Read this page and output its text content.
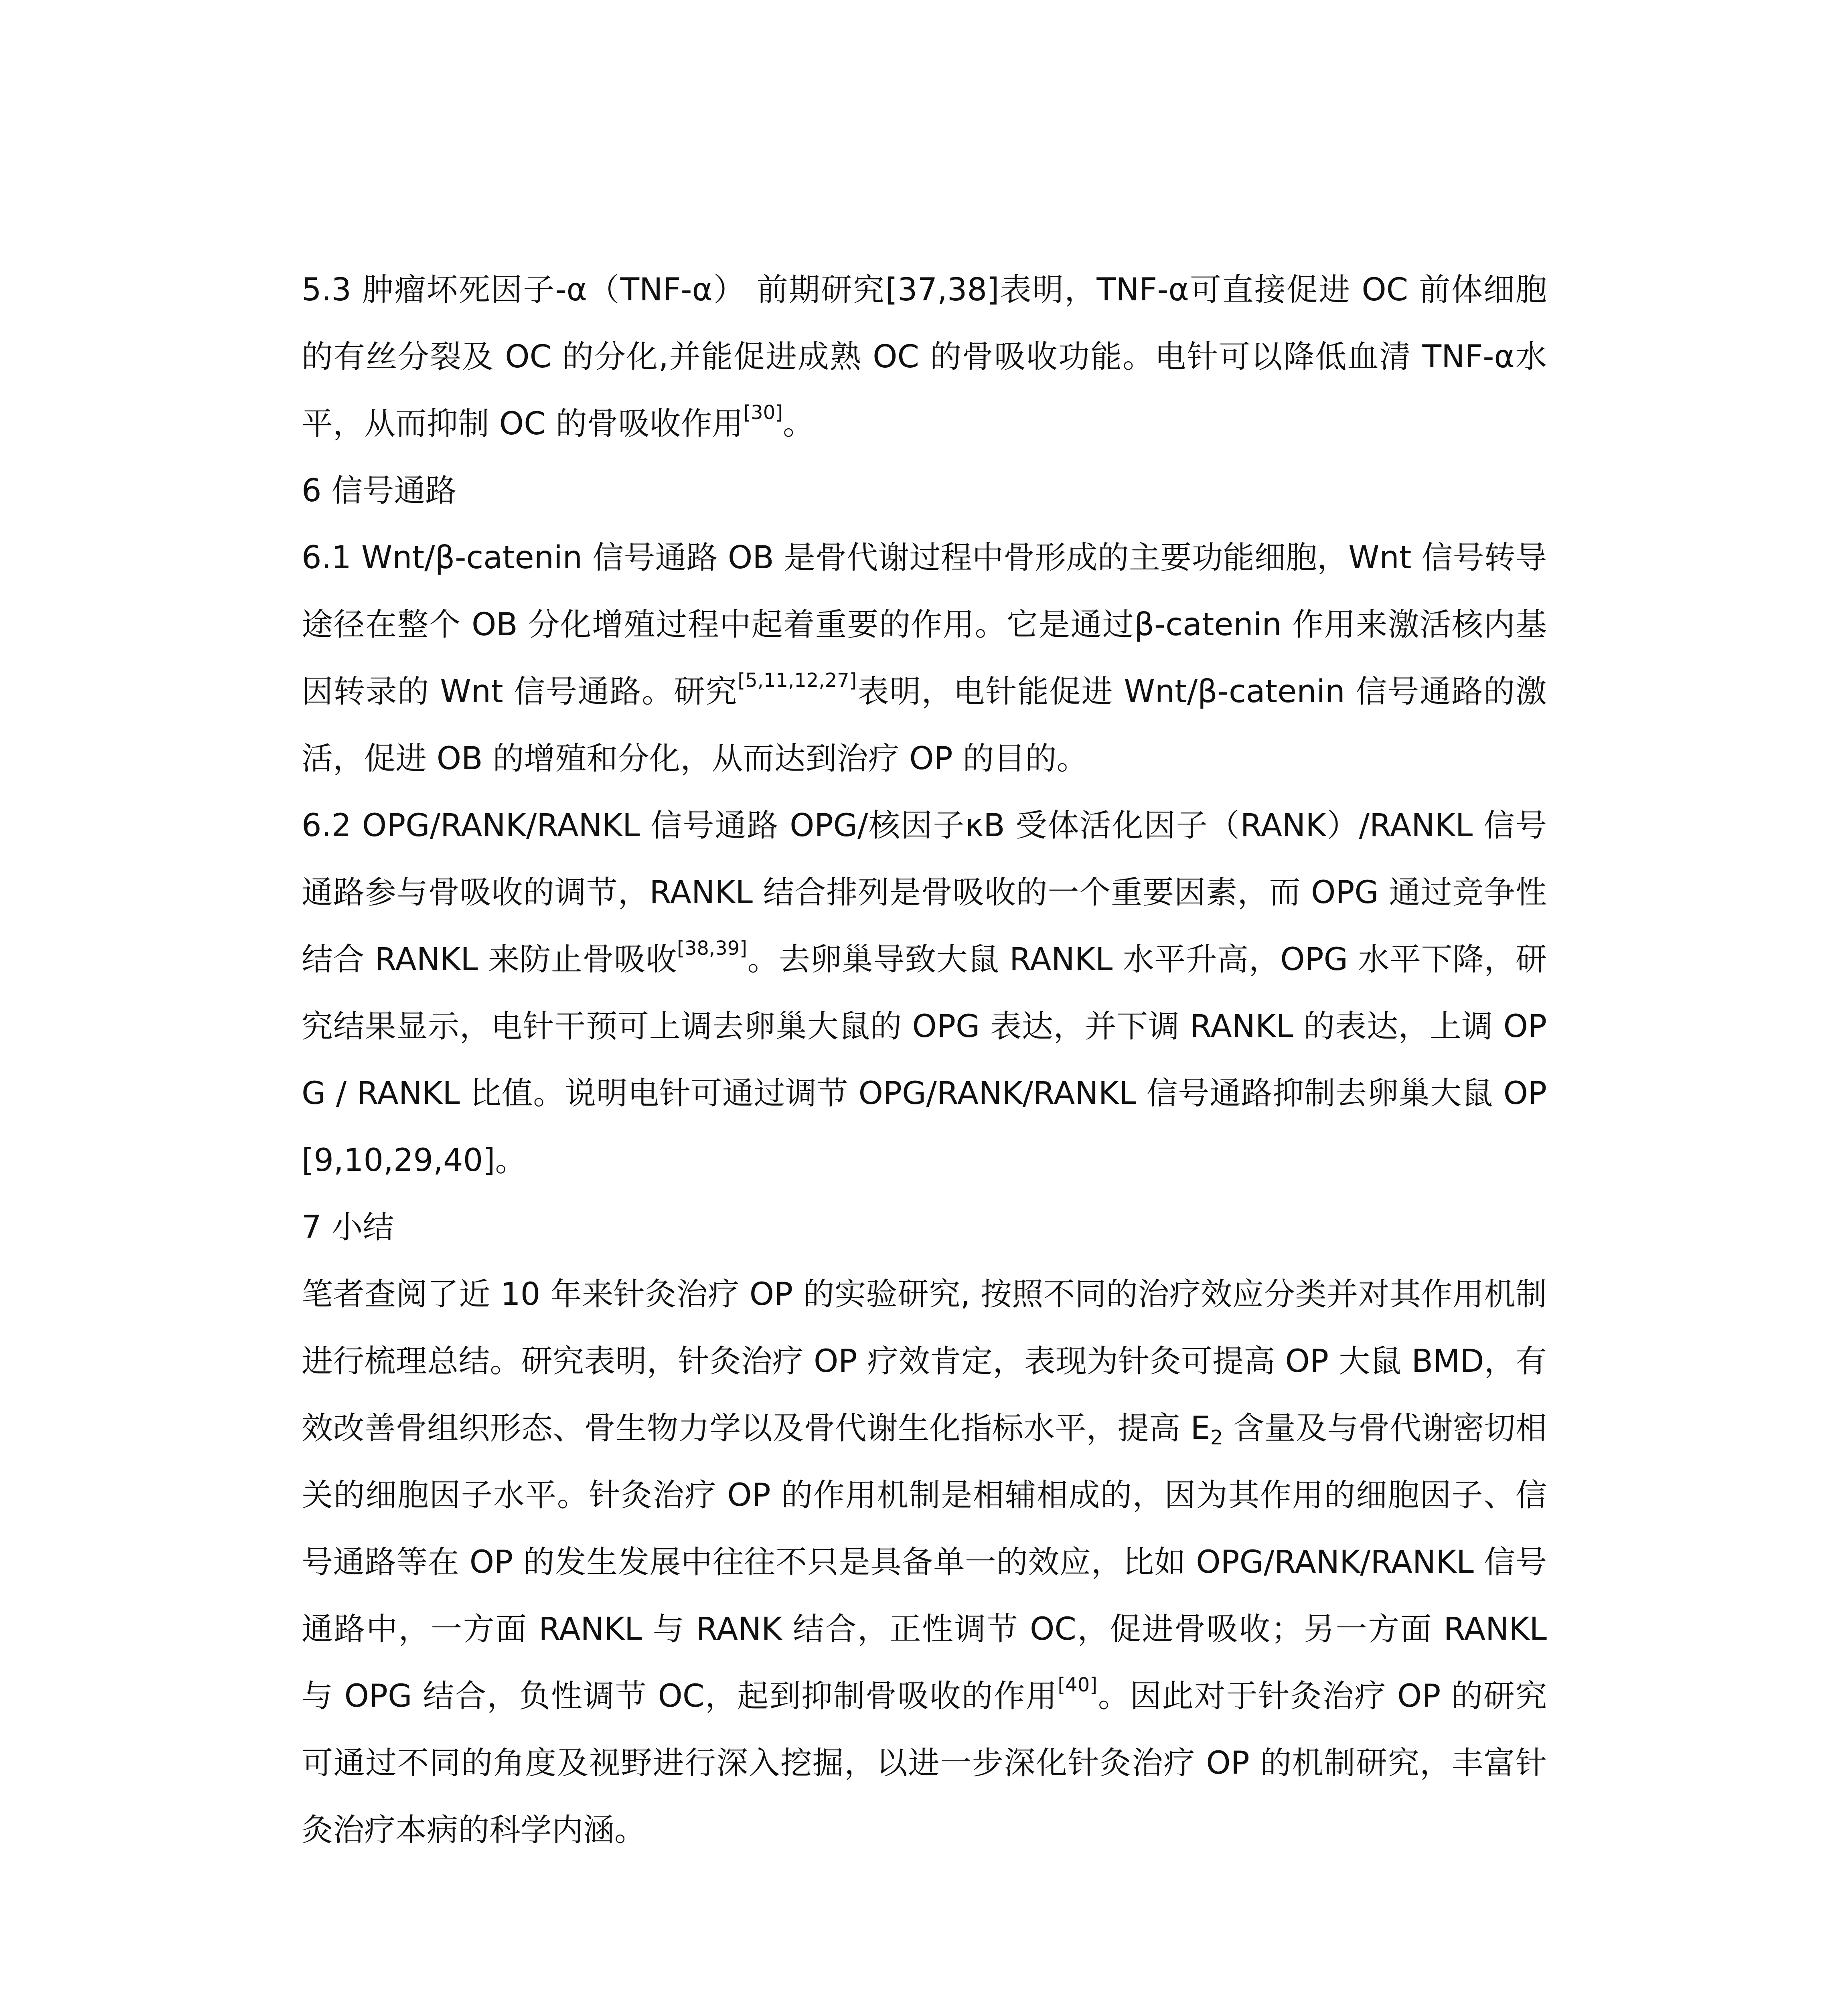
5.3 肿瘤坏死因子-α（TNF-α） 前期研究[37,38]表明，TNF-α可直接促进 OC 前体细胞的有丝分裂及 OC 的分化,并能促进成熟 OC 的骨吸收功能。电针可以降低血清 TNF-α水平，从而抑制 OC 的骨吸收作用[30]。

6 信号通路

6.1 Wnt/β-catenin 信号通路 OB 是骨代谢过程中骨形成的主要功能细胞，Wnt 信号转导途径在整个 OB 分化增殖过程中起着重要的作用。它是通过β-catenin 作用来激活核内基因转录的 Wnt 信号通路。研究[5,11,12,27]表明，电针能促进 Wnt/β-catenin 信号通路的激活，促进 OB 的增殖和分化，从而达到治疗 OP 的目的。

6.2 OPG/RANK/RANKL 信号通路 OPG/核因子κB 受体活化因子（RANK）/RANKL 信号通路参与骨吸收的调节，RANKL 结合排列是骨吸收的一个重要因素，而 OPG 通过竞争性结合 RANKL 来防止骨吸收[38,39]。去卵巢导致大鼠 RANKL 水平升高，OPG 水平下降，研究结果显示，电针干预可上调去卵巢大鼠的 OPG 表达，并下调 RANKL 的表达，上调 OPG / RANKL 比值。说明电针可通过调节 OPG/RANK/RANKL 信号通路抑制去卵巢大鼠 OP[9,10,29,40]。

7 小结

笔者查阅了近 10 年来针灸治疗 OP 的实验研究, 按照不同的治疗效应分类并对其作用机制进行梳理总结。研究表明，针灸治疗 OP 疗效肯定，表现为针灸可提高 OP 大鼠 BMD，有效改善骨组织形态、骨生物力学以及骨代谢生化指标水平，提高 $E_2$ 含量及与骨代谢密切相关的细胞因子水平。针灸治疗 OP 的作用机制是相辅相成的，因为其作用的细胞因子、信号通路等在 OP 的发生发展中往往不只是具备单一的效应，比如 OPG/RANK/RANKL 信号通路中，一方面 RANKL 与 RANK 结合，正性调节 OC，促进骨吸收；另一方面 RANKL 与 OPG 结合，负性调节 OC，起到抑制骨吸收的作用[40]。因此对于针灸治疗 OP 的研究可通过不同的角度及视野进行深入挖掘，以进一步深化针灸治疗 OP 的机制研究，丰富针灸治疗本病的科学内涵。
